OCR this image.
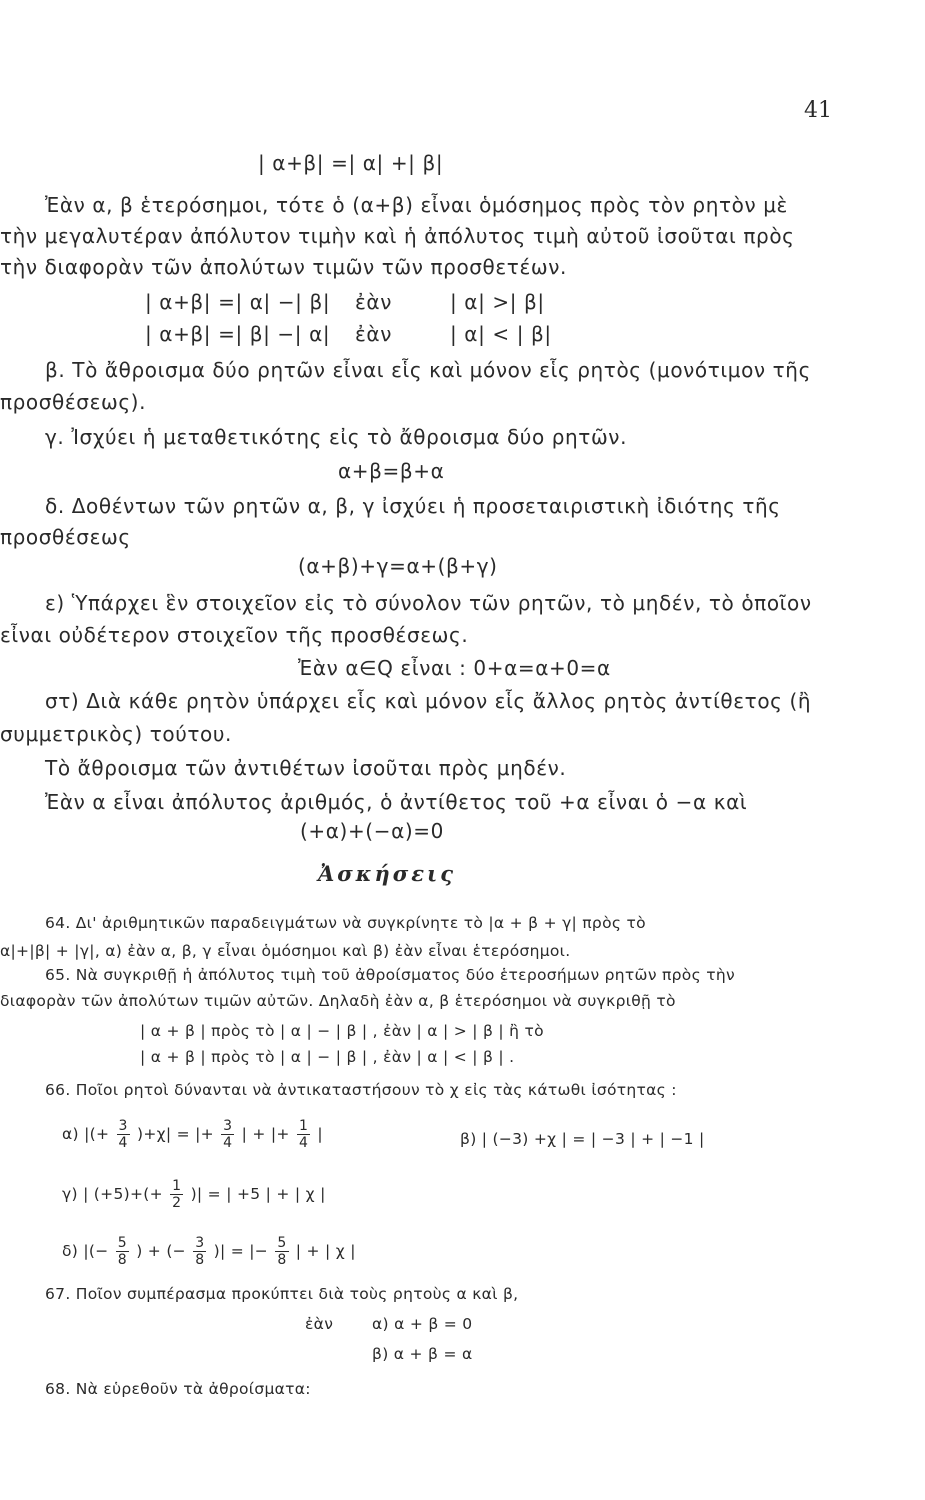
41
| α+β| =| α| +| β|
Ἐὰν α, β ἑτερόσημοι, τότε ὁ (α+β) εἶναι ὁμόσημος πρὸς τὸν ρητὸν μὲ
τὴν μεγαλυτέραν ἀπόλυτον τιμὴν καὶ ἡ ἀπόλυτος τιμὴ αὐτοῦ ἰσοῦται πρὸς
τὴν διαφορὰν τῶν ἀπολύτων τιμῶν τῶν προσθετέων.
| α+β| =| α| −| β| ἐὰν	| α| >| β|
| α+β| =| β| −| α| ἐὰν	| α| < | β|
β. Τὸ ἄθροισμα δύο ρητῶν εἶναι εἷς καὶ μόνον εἷς ρητὸς (μονότιμον τῆς
προσθέσεως).
γ. Ἰσχύει ἡ μεταθετικότης εἰς τὸ ἄθροισμα δύο ρητῶν.
α+β=β+α
δ. Δοθέντων τῶν ρητῶν α, β, γ ἰσχύει ἡ προσεταιριστικὴ ἰδιότης τῆς
προσθέσεως
(α+β)+γ=α+(β+γ)
ε) Ὑπάρχει ἓν στοιχεῖον εἰς τὸ σύνολον τῶν ρητῶν, τὸ μηδέν, τὸ ὁποῖον
εἶναι οὐδέτερον στοιχεῖον τῆς προσθέσεως.
Ἐὰν α∈Q εἶναι : 0+α=α+0=α
στ) Διὰ κάθε ρητὸν ὑπάρχει εἷς καὶ μόνον εἷς ἄλλος ρητὸς ἀντίθετος (ἢ
συμμετρικὸς) τούτου.
Τὸ ἄθροισμα τῶν ἀντιθέτων ἰσοῦται πρὸς μηδέν.
Ἐὰν α εἶναι ἀπόλυτος ἀριθμός, ὁ ἀντίθετος τοῦ +α εἶναι ὁ −α καὶ
(+α)+(−α)=0
Ἀσκήσεις
64. Δι' ἀριθμητικῶν παραδειγμάτων νὰ συγκρίνητε τὸ |α + β + γ| πρὸς τὸ
α|+|β| + |γ|, α) ἐὰν α, β, γ εἶναι ὁμόσημοι καὶ β) ἐὰν εἶναι ἑτερόσημοι.
65. Νὰ συγκριθῇ ἡ ἀπόλυτος τιμὴ τοῦ ἀθροίσματος δύο ἑτεροσήμων ρητῶν πρὸς τὴν
διαφορὰν τῶν ἀπολύτων τιμῶν αὐτῶν. Δηλαδὴ ἐὰν α, β ἑτερόσημοι νὰ συγκριθῇ τὸ
| α + β | πρὸς τὸ | α | − | β | , ἐὰν | α | > | β | ἢ τὸ
| α + β | πρὸς τὸ | α | − | β | , ἐὰν | α | < | β | .
66. Ποῖοι ρητοὶ δύνανται νὰ ἀντικαταστήσουν τὸ χ εἰς τὰς κάτωθι ἰσότητας :
α) |(+ $\frac{3}{4} )+\chi|$ = |+ $\frac{3}{4}$ | + |+ $\frac{1}{4}$ |	β) | (−3) +χ | = | −3 | + | −1 |
γ) | $(+5)+(+ \frac{1}{2}$ )| = | +5 | + | χ |
δ) |(− $\frac{5}{8}$ ) + (− $\frac{3}{8}$ )| = |− $\frac{5}{8}$ | + | χ |
67. Ποῖον συμπέρασμα προκύπτει διὰ τοὺς ρητοὺς α καὶ β,
ἐὰν	α) α + β = 0
β) α + β = α
68. Νὰ εὑρεθοῦν τὰ ἀθροίσματα:
